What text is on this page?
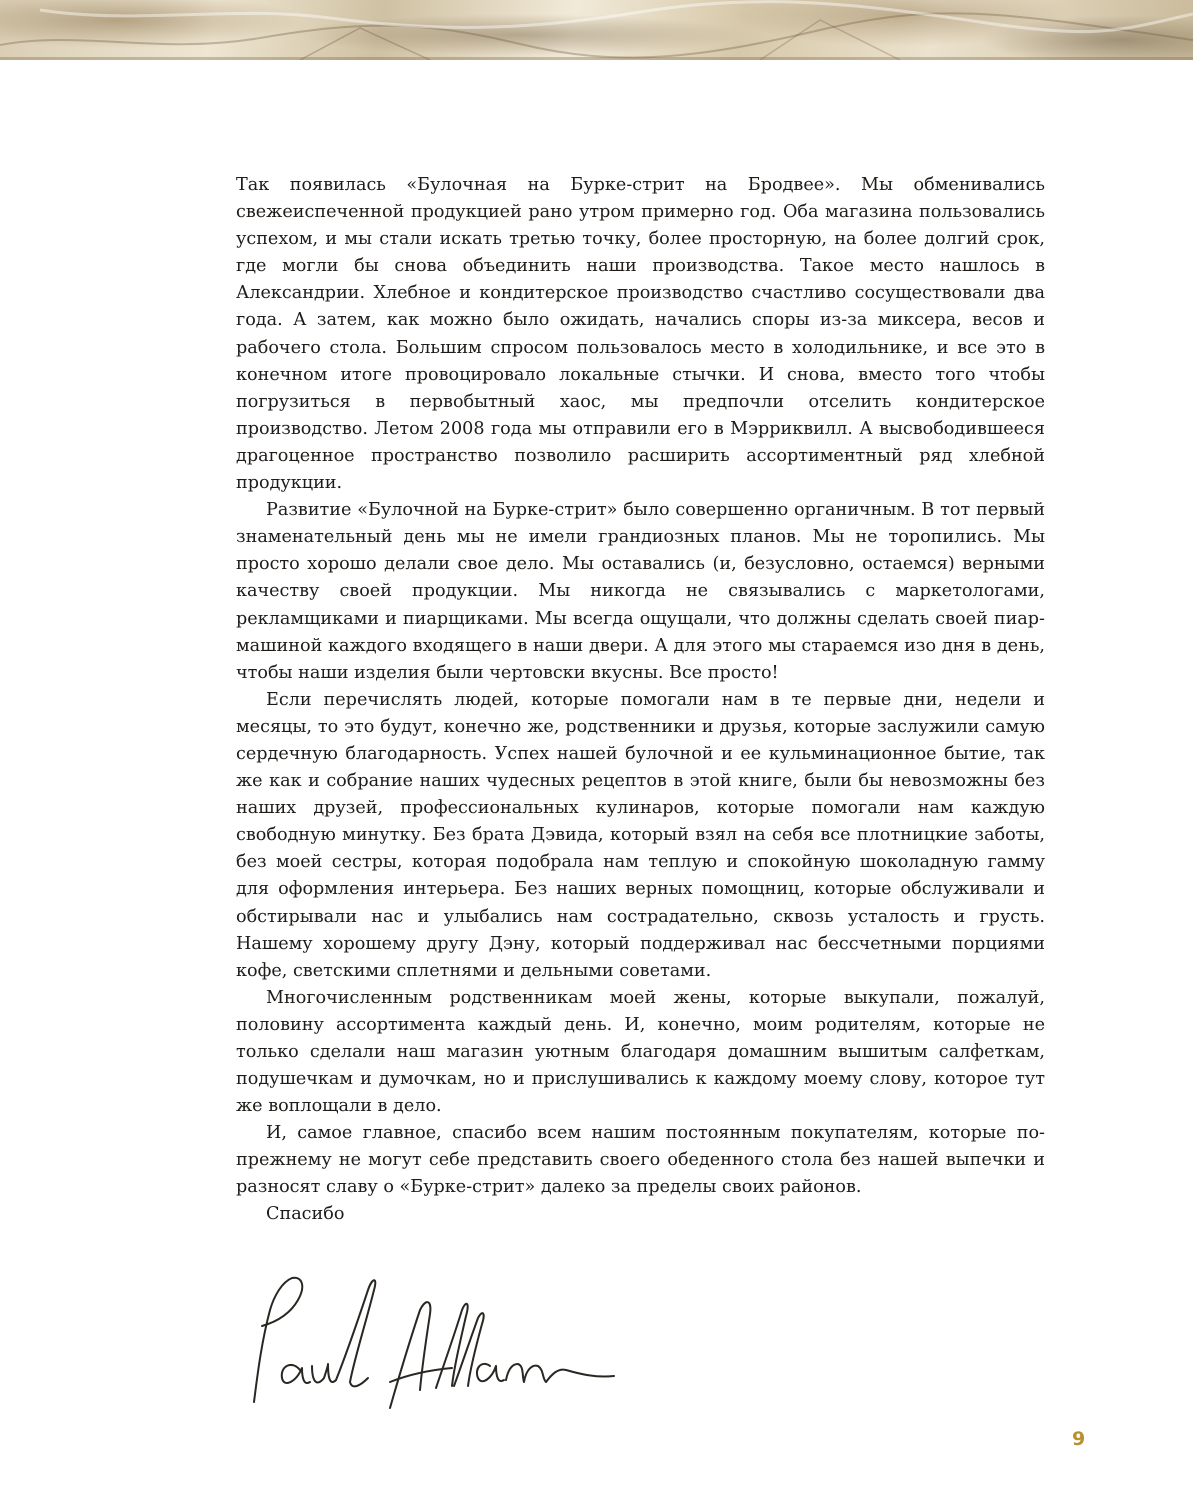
Так появилась «Булочная на Бурке-стрит на Бродвее». Мы обменивались свежеиспеченной продукцией рано утром примерно год. Оба магазина пользовались успехом, и мы стали искать третью точку, более просторную, на более долгий срок, где могли бы снова объединить наши производства. Такое место нашлось в Александрии. Хлебное и кондитерское производство счастливо сосуществовали два года. А затем, как можно было ожидать, начались споры из-за миксера, весов и рабочего стола. Большим спросом пользовалось место в холодильнике, и все это в конечном итоге провоцировало локальные стычки. И снова, вместо того чтобы погрузиться в первобытный хаос, мы предпочли отселить кондитерское производство. Летом 2008 года мы отправили его в Мэрриквилл. А высвободившееся драгоценное пространство позволило расширить ассортиментный ряд хлебной продукции.

Развитие «Булочной на Бурке-стрит» было совершенно органичным. В тот первый знаменательный день мы не имели грандиозных планов. Мы не торопились. Мы просто хорошо делали свое дело. Мы оставались (и, безусловно, остаемся) верными качеству своей продукции. Мы никогда не связывались с маркетологами, рекламщиками и пиарщиками. Мы всегда ощущали, что должны сделать своей пиар-машиной каждого входящего в наши двери. А для этого мы стараемся изо дня в день, чтобы наши изделия были чертовски вкусны. Все просто!

Если перечислять людей, которые помогали нам в те первые дни, недели и месяцы, то это будут, конечно же, родственники и друзья, которые заслужили самую сердечную благодарность. Успех нашей булочной и ее кульминационное бытие, так же как и собрание наших чудесных рецептов в этой книге, были бы невозможны без наших друзей, профессиональных кулинаров, которые помогали нам каждую свободную минутку. Без брата Дэвида, который взял на себя все плотницкие заботы, без моей сестры, которая подобрала нам теплую и спокойную шоколадную гамму для оформления интерьера. Без наших верных помощниц, которые обслуживали и обстирывали нас и улыбались нам сострадательно, сквозь усталость и грусть. Нашему хорошему другу Дэну, который поддерживал нас бессчетными порциями кофе, светскими сплетнями и дельными советами.

Многочисленным родственникам моей жены, которые выкупали, пожалуй, половину ассортимента каждый день. И, конечно, моим родителям, которые не только сделали наш магазин уютным благодаря домашним вышитым салфеткам, подушечкам и думочкам, но и прислушивались к каждому моему слову, которое тут же воплощали в дело.

И, самое главное, спасибо всем нашим постоянным покупателям, которые по-прежнему не могут себе представить своего обеденного стола без нашей выпечки и разносят славу о «Бурке-стрит» далеко за пределы своих районов.

Спасибо
9
